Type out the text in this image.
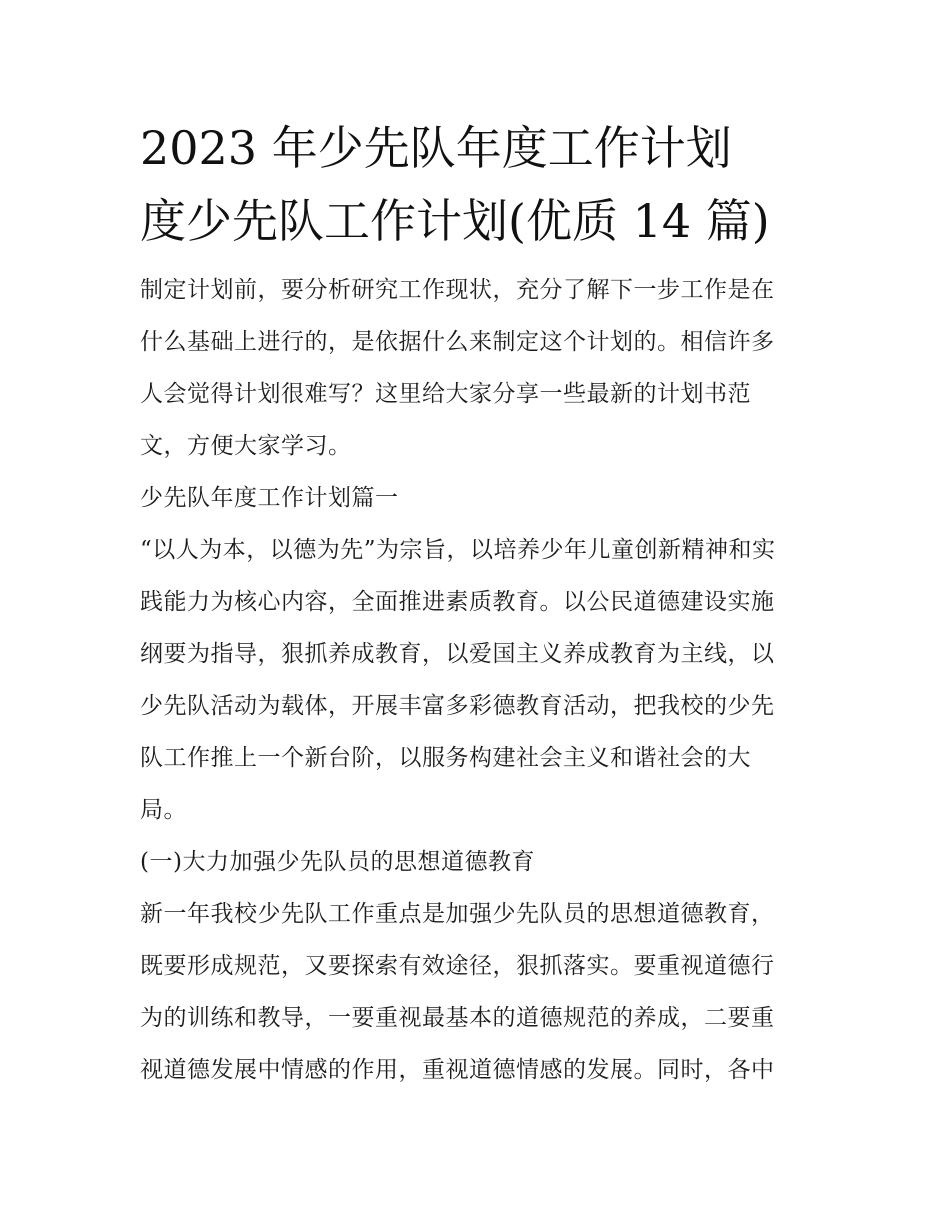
2023 年少先队年度工作计划
度少先队工作计划(优质 14 篇)

制定计划前，要分析研究工作现状，充分了解下一步工作是在
什么基础上进行的，是依据什么来制定这个计划的。相信许多
人会觉得计划很难写？这里给大家分享一些最新的计划书范
文，方便大家学习。

少先队年度工作计划篇一

“以人为本，以德为先”为宗旨，以培养少年儿童创新精神和实
践能力为核心内容，全面推进素质教育。以公民道德建设实施
纲要为指导，狠抓养成教育，以爱国主义养成教育为主线，以
少先队活动为载体，开展丰富多彩德教育活动，把我校的少先
队工作推上一个新台阶，以服务构建社会主义和谐社会的大
局。

(一)大力加强少先队员的思想道德教育

新一年我校少先队工作重点是加强少先队员的思想道德教育，
既要形成规范，又要探索有效途径，狠抓落实。要重视道德行
为的训练和教导，一要重视最基本的道德规范的养成，二要重
视道德发展中情感的作用，重视道德情感的发展。同时，各中
